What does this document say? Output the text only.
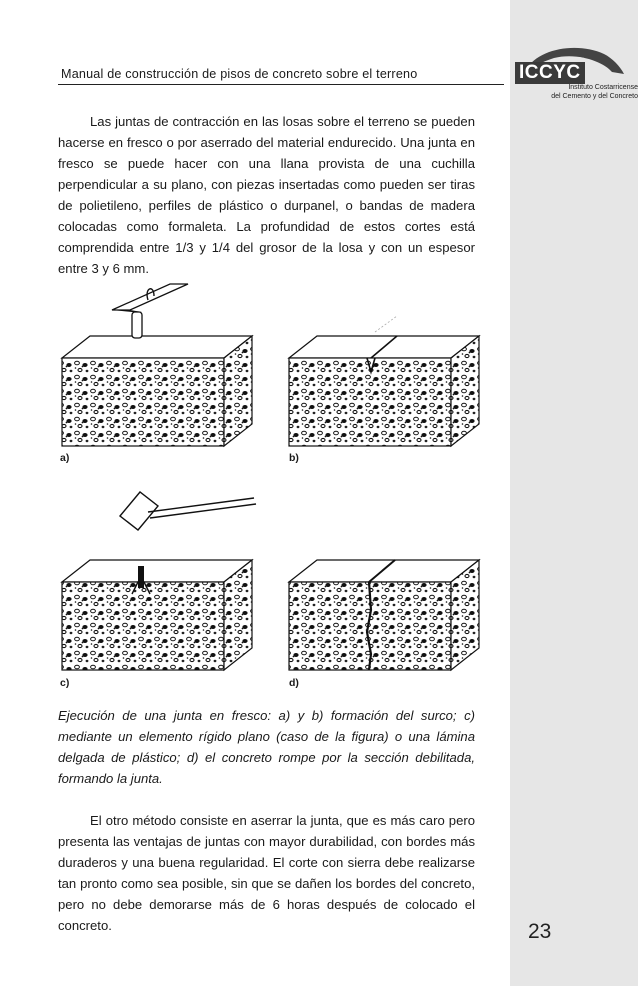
Manual de construcción de pisos de concreto sobre el terreno	ICCYC
Instituto Costarricense
del Cemento y del Concreto

Las juntas de contracción en las losas sobre el terreno se pueden hacerse en fresco o por aserrado del material endurecido. Una junta en fresco se puede hacer con una llana provista de una cuchilla perpendicular a su plano, con piezas insertadas como pueden ser tiras de polietileno, perfiles de plástico o durpanel, o bandas de madera colocadas como formaleta. La profundidad de estos cortes está comprendida entre 1/3 y 1/4 del grosor de la losa y con un espesor entre 3 y 6 mm.

a)	b)
c)	d)

Ejecución de una junta en fresco: a) y b) formación del surco; c) mediante un elemento rígido plano (caso de la figura) o una lámina delgada de plástico; d) el concreto rompe por la sección debilitada, formando la junta.

El otro método consiste en aserrar la junta, que es más caro pero presenta las ventajas de juntas con mayor durabilidad, con bordes más duraderos y una buena regularidad. El corte con sierra debe realizarse tan pronto como sea posible, sin que se dañen los bordes del concreto, pero no debe demorarse más de 6 horas después de colocado el concreto.	23
